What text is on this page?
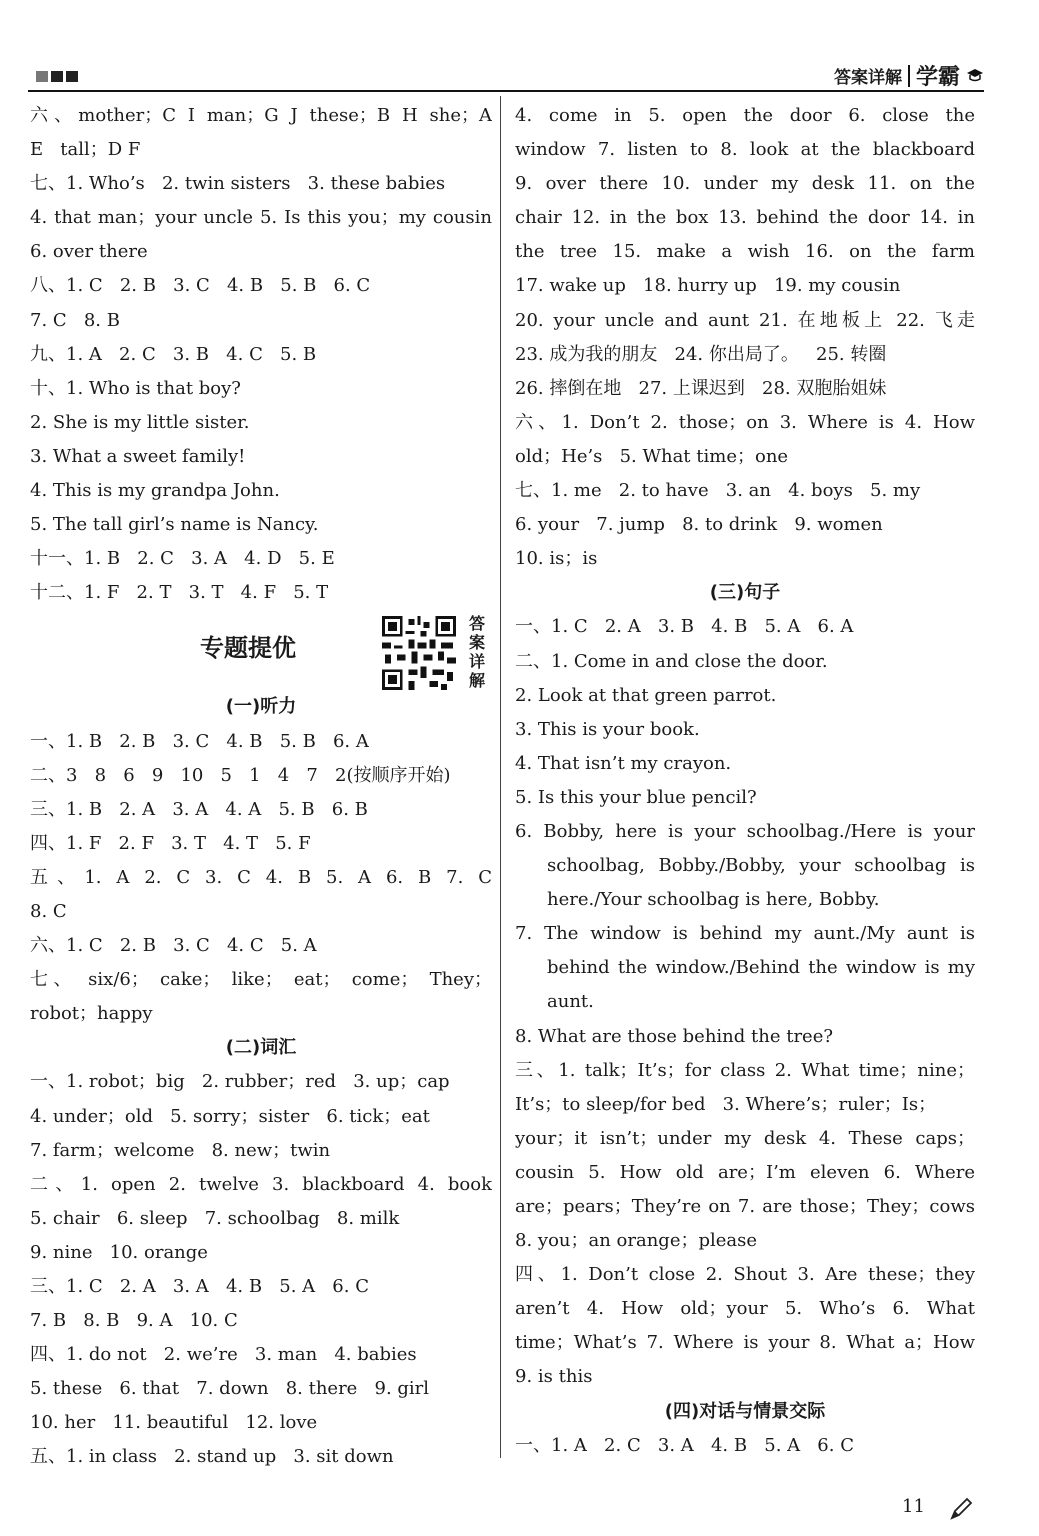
答案详解 学霸
六、mother；C I man；G J these；B H she；A
E   tall；D F
七、1. Who’s   2. twin sisters   3. these babies
4. that man；your uncle 5. Is this you；my cousin
6. over there
八、1. C   2. B   3. C   4. B   5. B   6. C
7. C   8. B
九、1. A   2. C   3. B   4. C   5. B
十、1. Who is that boy?
2. She is my little sister.
3. What a sweet family!
4. This is my grandpa John.
5. The tall girl’s name is Nancy.
十一、1. B   2. C   3. A   4. D   5. E
十二、1. F   2. T   3. T   4. F   5. T
专题提优
答案详解
(一)听力
一、1. B   2. B   3. C   4. B   5. B   6. A
二、3   8   6   9   10   5   1   4   7   2(按顺序开始)
三、1. B   2. A   3. A   4. A   5. B   6. B
四、1. F   2. F   3. T   4. T   5. F
五、1. A 2. C 3. C 4. B 5. A 6. B 7. C
8. C
六、1. C   2. B   3. C   4. C   5. A
七、 six/6； cake； like； eat； come； They；
robot；happy
(二)词汇
一、1. robot；big   2. rubber；red   3. up；cap
4. under；old   5. sorry；sister   6. tick；eat
7. farm；welcome   8. new；twin
二、1. open 2. twelve 3. blackboard 4. book
5. chair   6. sleep   7. schoolbag   8. milk
9. nine   10. orange
三、1. C   2. A   3. A   4. B   5. A   6. C
7. B   8. B   9. A   10. C
四、1. do not   2. we’re   3. man   4. babies
5. these   6. that   7. down   8. there   9. girl
10. her   11. beautiful   12. love
五、1. in class   2. stand up   3. sit down
4. come in 5. open the door 6. close the
window 7. listen to 8. look at the blackboard
9. over there 10. under my desk 11. on the
chair 12. in the box 13. behind the door 14. in
the tree 15. make a wish 16. on the farm
17. wake up   18. hurry up   19. my cousin
20. your uncle and aunt 21. 在地板上 22. 飞走
23. 成为我的朋友   24. 你出局了。   25. 转圈
26. 摔倒在地   27. 上课迟到   28. 双胞胎姐妹
六、1. Don’t 2. those；on 3. Where is 4. How
old；He’s   5. What time；one
七、1. me   2. to have   3. an   4. boys   5. my
6. your   7. jump   8. to drink   9. women
10. is；is
(三)句子
一、1. C   2. A   3. B   4. B   5. A   6. A
二、1. Come in and close the door.
2. Look at that green parrot.
3. This is your book.
4. That isn’t my crayon.
5. Is this your blue pencil?
6. Bobby, here is your schoolbag./Here is your
schoolbag, Bobby./Bobby, your schoolbag is
here./Your schoolbag is here, Bobby.
7. The window is behind my aunt./My aunt is
behind the window./Behind the window is my
aunt.
8. What are those behind the tree?
三、1. talk；It’s；for class 2. What time；nine；
It’s；to sleep/for bed   3. Where’s；ruler；Is；
your；it isn’t；under my desk 4. These caps；
cousin 5. How old are；I’m eleven 6. Where
are；pears；They’re on 7. are those；They；cows
8. you；an orange；please
四、1. Don’t close 2. Shout 3. Are these；they
aren’t 4. How old；your 5. Who’s 6. What
time；What’s 7. Where is your 8. What a；How
9. is this
(四)对话与情景交际
一、1. A   2. C   3. A   4. B   5. A   6. C
11
